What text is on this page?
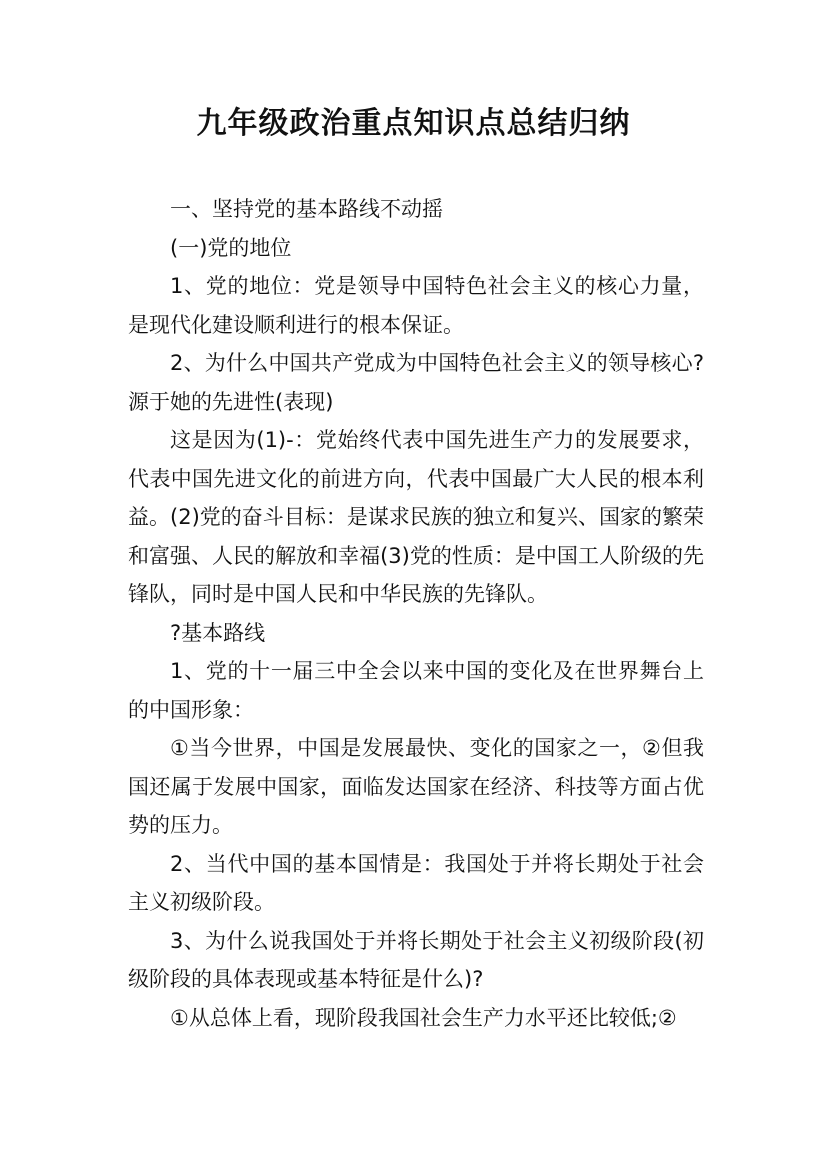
九年级政治重点知识点总结归纳

一、坚持党的基本路线不动摇

(一)党的地位

1、党的地位：党是领导中国特色社会主义的核心力量，是现代化建设顺利进行的根本保证。

2、为什么中国共产党成为中国特色社会主义的领导核心?源于她的先进性(表现)

这是因为(1)-：党始终代表中国先进生产力的发展要求，代表中国先进文化的前进方向，代表中国最广大人民的根本利益。(2)党的奋斗目标：是谋求民族的独立和复兴、国家的繁荣和富强、人民的解放和幸福(3)党的性质：是中国工人阶级的先锋队，同时是中国人民和中华民族的先锋队。

?基本路线

1、党的十一届三中全会以来中国的变化及在世界舞台上的中国形象：

①当今世界，中国是发展最快、变化的国家之一，②但我国还属于发展中国家，面临发达国家在经济、科技等方面占优势的压力。

2、当代中国的基本国情是：我国处于并将长期处于社会主义初级阶段。

3、为什么说我国处于并将长期处于社会主义初级阶段(初级阶段的具体表现或基本特征是什么)?

①从总体上看，现阶段我国社会生产力水平还比较低;②
